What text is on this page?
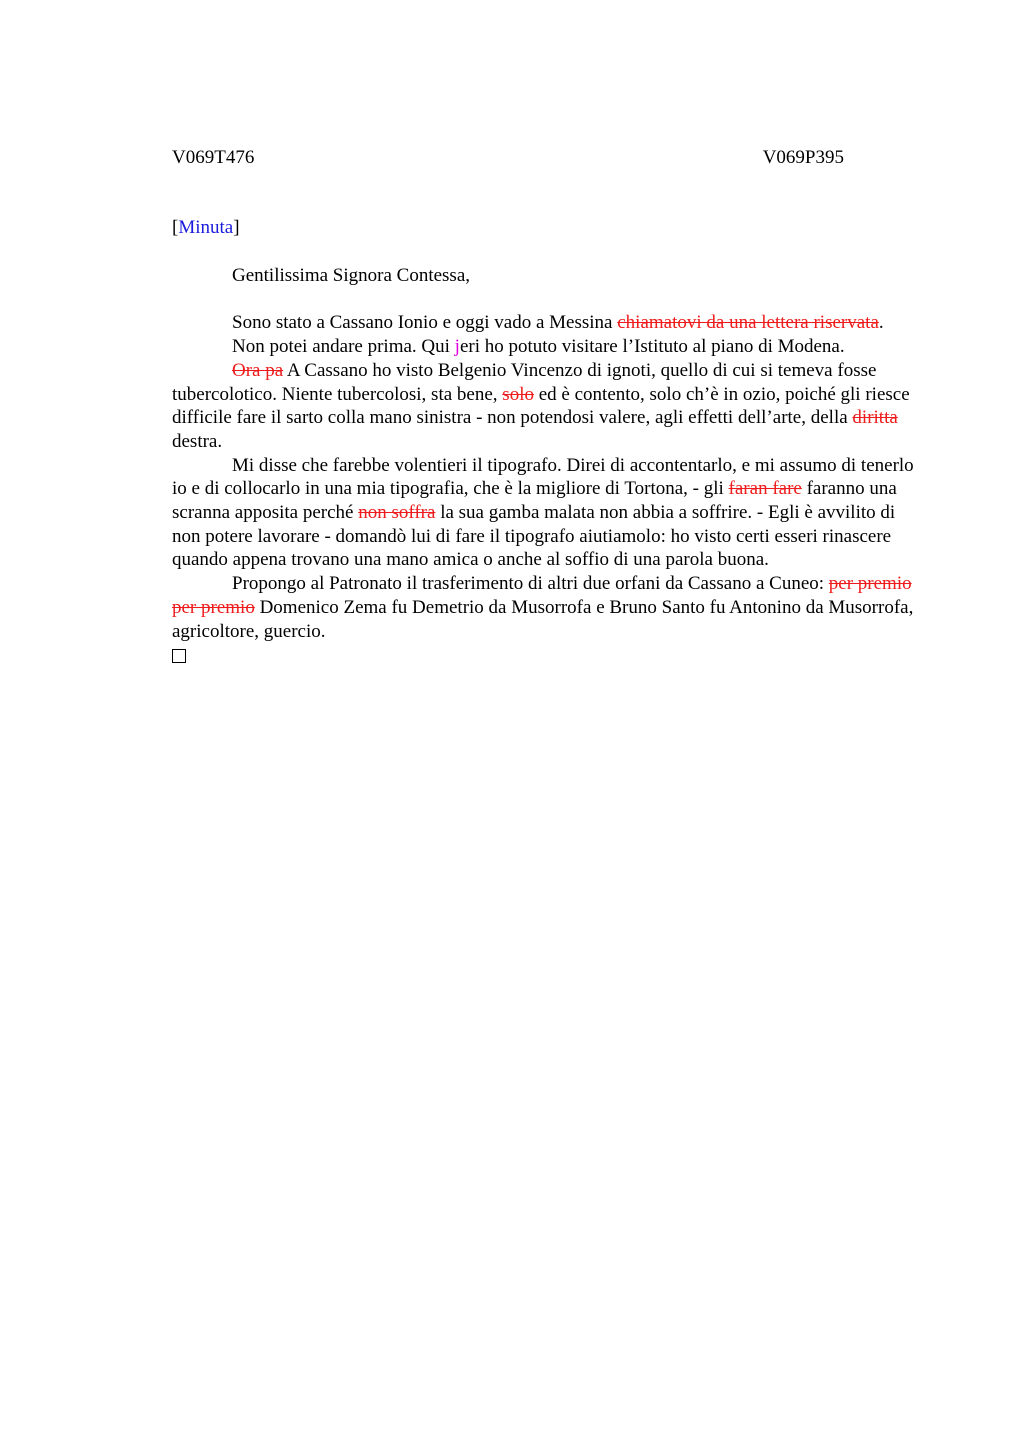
V069T476	V069P395

[Minuta]

Gentilissima Signora Contessa,

Sono stato a Cassano Ionio e oggi vado a Messina chiamatovi da una lettera riservata.

Non potei andare prima. Qui jeri ho potuto visitare l’Istituto al piano di Modena.

Ora pa A Cassano ho visto Belgenio Vincenzo di ignoti, quello di cui si temeva fosse tubercolotico. Niente tubercolosi, sta bene, solo ed è contento, solo ch’è in ozio, poiché gli riesce difficile fare il sarto colla mano sinistra - non potendosi valere, agli effetti dell’arte, della diritta destra.

Mi disse che farebbe volentieri il tipografo. Direi di accontentarlo, e mi assumo di tenerlo io e di collocarlo in una mia tipografia, che è la migliore di Tortona, - gli faran fare faranno una scranna apposita perché non soffra la sua gamba malata non abbia a soffrire. - Egli è avvilito di non potere lavorare - domandò lui di fare il tipografo aiutiamolo: ho visto certi esseri rinascere quando appena trovano una mano amica o anche al soffio di una parola buona.

Propongo al Patronato il trasferimento di altri due orfani da Cassano a Cuneo: per premio per premio Domenico Zema fu Demetrio da Musorrofa e Bruno Santo fu Antonino da Musorrofa, agricoltore, guercio.
